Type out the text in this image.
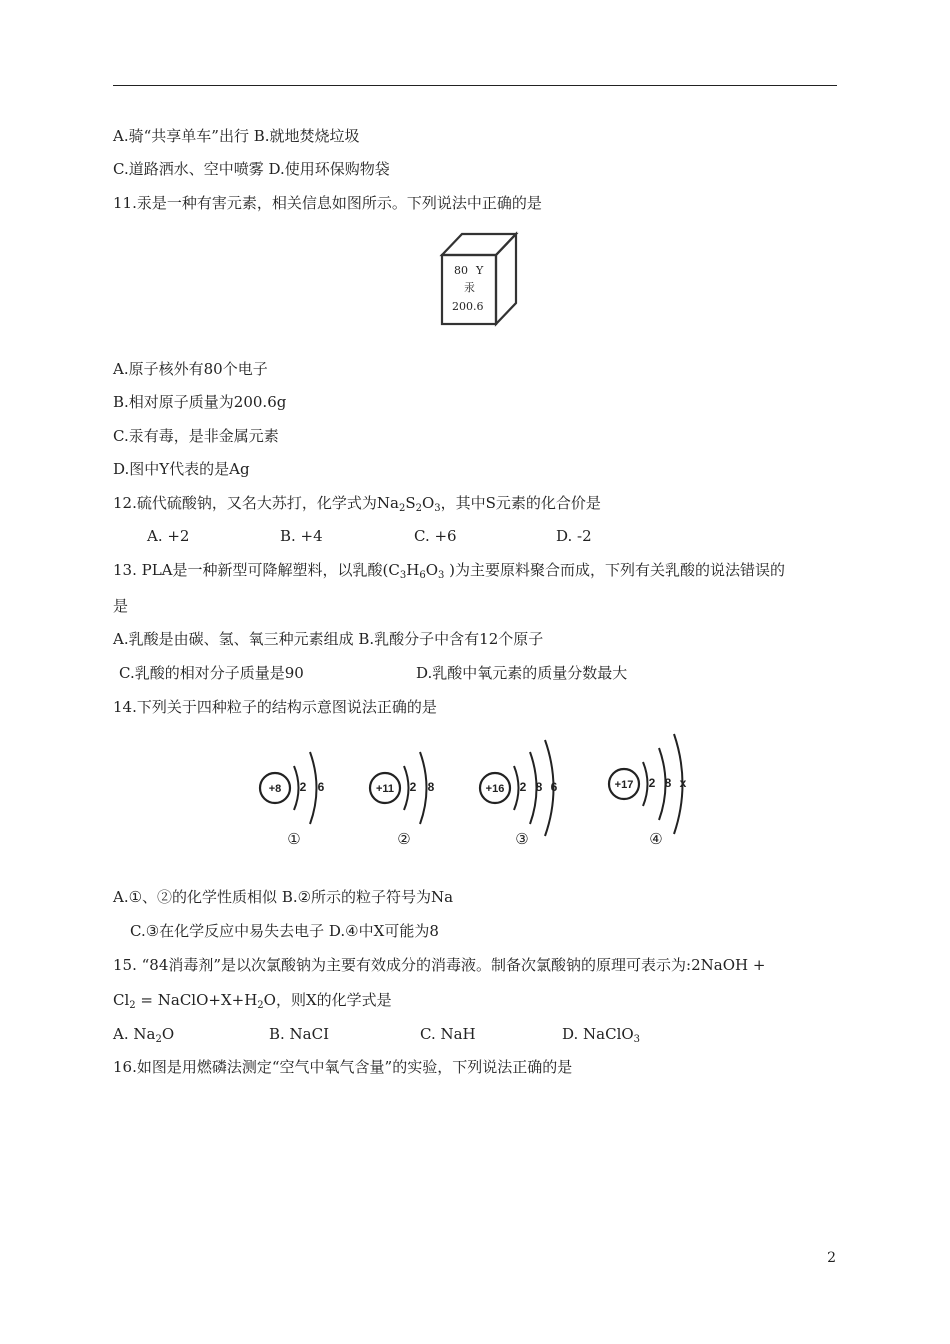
A.骑“共享单车”出行 B.就地焚烧垃圾
C.道路洒水、空中喷雾 D.使用环保购物袋
11.汞是一种有害元素，相关信息如图所示。下列说法中正确的是
80 Y
汞
200.6
A.原子核外有80个电子
B.相对原子质量为200.6g
C.汞有毒，是非金属元素
D.图中Y代表的是Ag
12.硫代硫酸钠，又名大苏打，化学式为$Na_2S_2O_3$，其中S元素的化合价是
A. +2	B. +4	C. +6	D. -2
13. PLA是一种新型可降解塑料，以乳酸($C_3H_6O_3$ )为主要原料聚合而成，下列有关乳酸的说法错误的
是
A.乳酸是由碳、氢、氧三种元素组成 B.乳酸分子中含有12个原子
C.乳酸的相对分子质量是90	D.乳酸中氧元素的质量分数最大
14.下列关于四种粒子的结构示意图说法正确的是
+8 2 6
①
+11 2 8
②
+16 2 8 6
③
+17 2 8 x
④
A.①、②的化学性质相似 B.②所示的粒子符号为Na
C.③在化学反应中易失去电子 D.④中X可能为8
15. “84消毒剂”是以次氯酸钠为主要有效成分的消毒液。制备次氯酸钠的原理可表示为:2NaOH +
$Cl_2$ = $NaClO+X+H_2O$，则X的化学式是
A. $Na_2O$	B. NaCI	C. NaH	D. NaClO$_3$
16.如图是用燃磷法测定“空气中氧气含量”的实验，下列说法正确的是
2
